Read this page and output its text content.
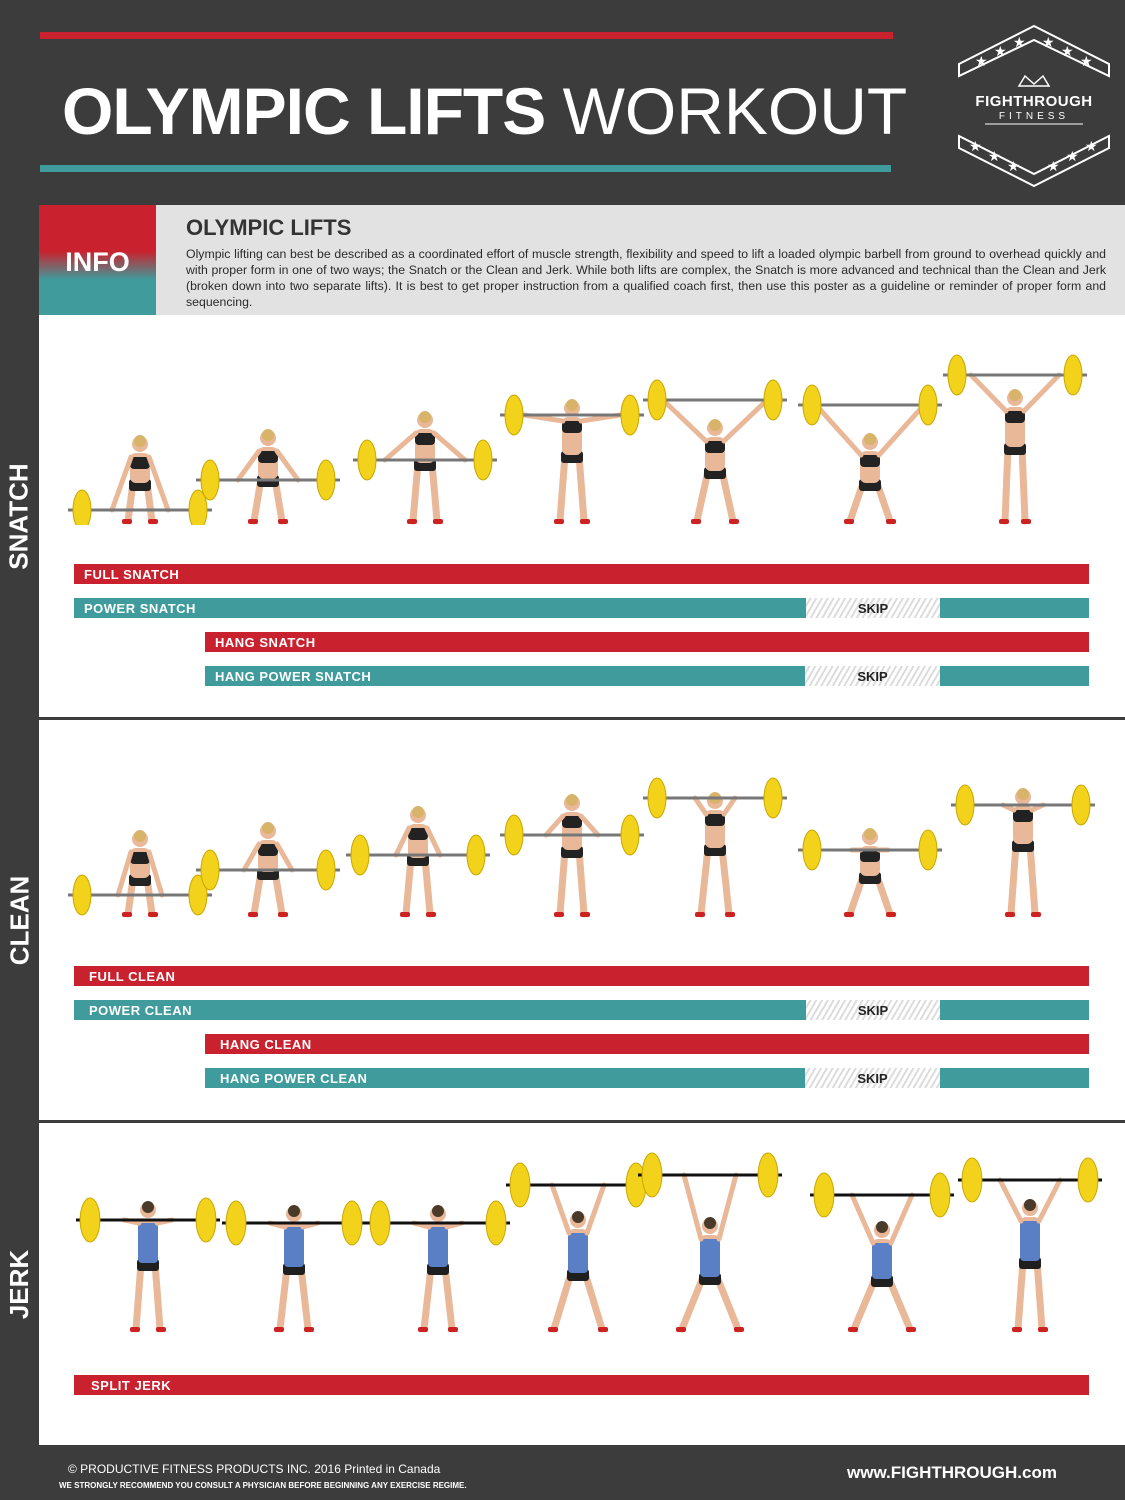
OLYMPIC LIFTS WORKOUT
★
★
★ ★
★
★
★
★
★ ★
★
★
FIGHTHROUGH
FITNESS
INFO
OLYMPIC LIFTS
Olympic lifting can best be described as a coordinated effort of muscle strength, flexibility and speed to lift a loaded olympic barbell from ground to overhead quickly and with proper form in one of two ways; the Snatch or the Clean and Jerk. While both lifts are complex, the Snatch is more advanced and technical than the Clean and Jerk (broken down into two separate lifts). It is best to get proper instruction from a qualified coach first, then use this poster as a guideline or reminder of proper form and sequencing.
SNATCH
CLEAN
JERK
FULL SNATCH
SKIP
POWER SNATCH
HANG SNATCH
SKIP
HANG POWER SNATCH
FULL CLEAN
SKIP
POWER CLEAN
HANG CLEAN
SKIP
HANG POWER CLEAN
SPLIT JERK
© PRODUCTIVE FITNESS PRODUCTS INC. 2016 Printed in Canada
WE STRONGLY RECOMMEND YOU CONSULT A PHYSICIAN BEFORE BEGINNING ANY EXERCISE REGIME.
www.FIGHTHROUGH.com
